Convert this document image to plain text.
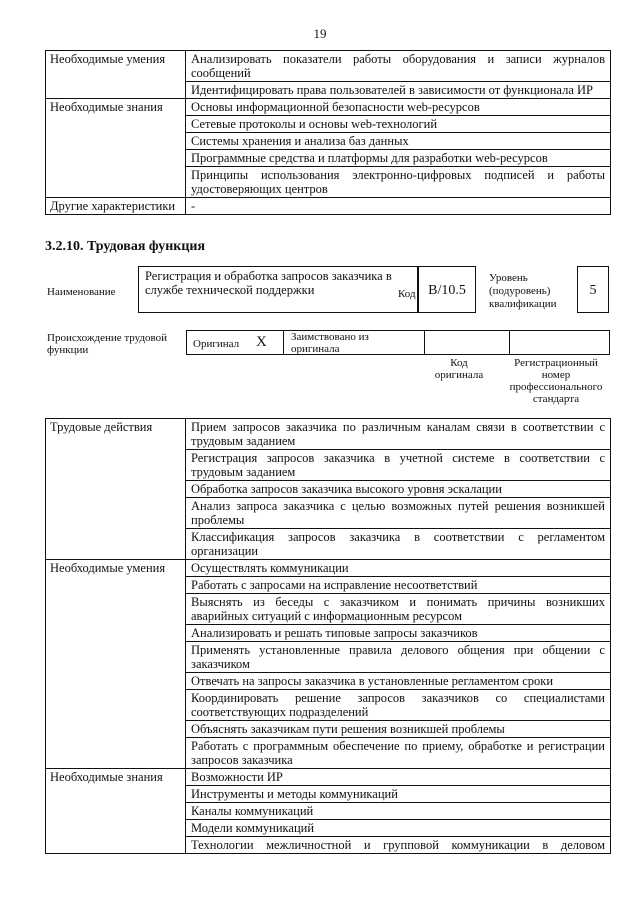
19
Необходимые умения	Анализировать показатели работы оборудования и записи журналов сообщений
	Идентифицировать права пользователей в зависимости от функционала ИР
Необходимые знания	Основы информационной безопасности web-ресурсов
	Сетевые протоколы и основы web-технологий
	Системы хранения и анализа баз данных
	Программные средства и платформы для разработки web-ресурсов
	Принципы использования электронно-цифровых подписей и работы удостоверяющих центров
Другие характеристики	-
3.2.10. Трудовая функция
Наименование
Регистрация и обработка запросов заказчика в службе технической поддержки	Код B/10.5
Уровень (подуровень) квалификации
5
Происхождение трудовой функции	Оригинал X Заимствовано из оригинала
Код оригинала
Регистрационный номер профессионального стандарта
Трудовые действия	Прием запросов заказчика по различным каналам связи в соответствии с трудовым заданием
	Регистрация запросов заказчика в учетной системе в соответствии с трудовым заданием
	Обработка запросов заказчика высокого уровня эскалации
	Анализ запроса заказчика с целью возможных путей решения возникшей проблемы
	Классификация запросов заказчика в соответствии с регламентом организации
Необходимые умения	Осуществлять коммуникации
	Работать с запросами на исправление несоответствий
	Выяснять из беседы с заказчиком и понимать причины возникших аварийных ситуаций с информационным ресурсом
	Анализировать и решать типовые запросы заказчиков
	Применять установленные правила делового общения при общении с заказчиком
	Отвечать на запросы заказчика в установленные регламентом сроки
	Координировать решение запросов заказчиков со специалистами соответствующих подразделений
	Объяснять заказчикам пути решения возникшей проблемы
	Работать с программным обеспечение по приему, обработке и регистрации запросов заказчика
Необходимые знания	Возможности ИР
	Инструменты и методы коммуникаций
	Каналы коммуникаций
	Модели коммуникаций
	Технологии межличностной и групповой коммуникации в деловом
